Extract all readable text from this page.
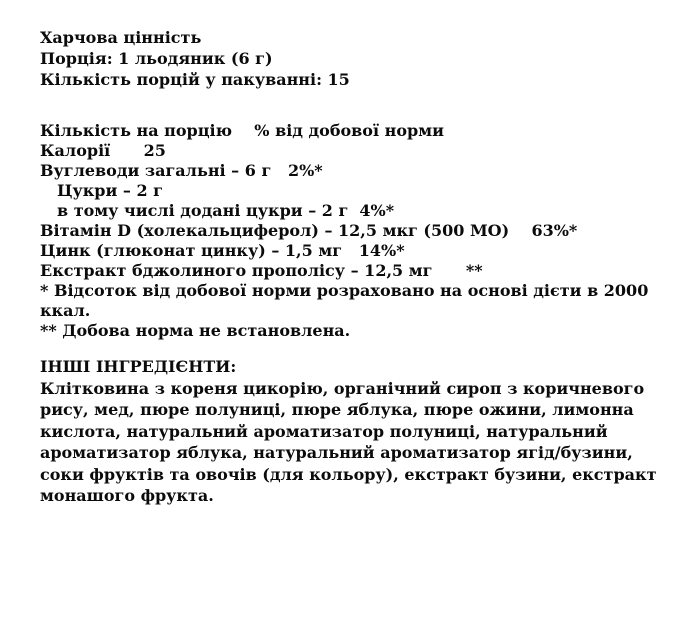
Харчова цінність
Порція: 1 льодяник (6 г)
Кількість порцій у пакуванні: 15
Кількість на порцію    % від добової норми
Калорії      25
Вуглеводи загальні – 6 г   2%*
Цукри – 2 г
в тому числі додані цукри – 2 г  4%*
Вітамін D (холекальциферол) – 12,5 мкг (500 МО)    63%*
Цинк (глюконат цинку) – 1,5 мг   14%*
Екстракт бджолиного прополісу – 12,5 мг      **
* Відсоток від добової норми розраховано на основі дієти в 2000 ккал.
** Добова норма не встановлена.
ІНШІ ІНГРЕДІЄНТИ:
Клітковина з кореня цикорію, органічний сироп з коричневого рису, мед, пюре полуниці, пюре яблука, пюре ожини, лимонна кислота, натуральний ароматизатор полуниці, натуральний ароматизатор яблука, натуральний ароматизатор ягід/бузини, соки фруктів та овочів (для кольору), екстракт бузини, екстракт монашого фрукта.
